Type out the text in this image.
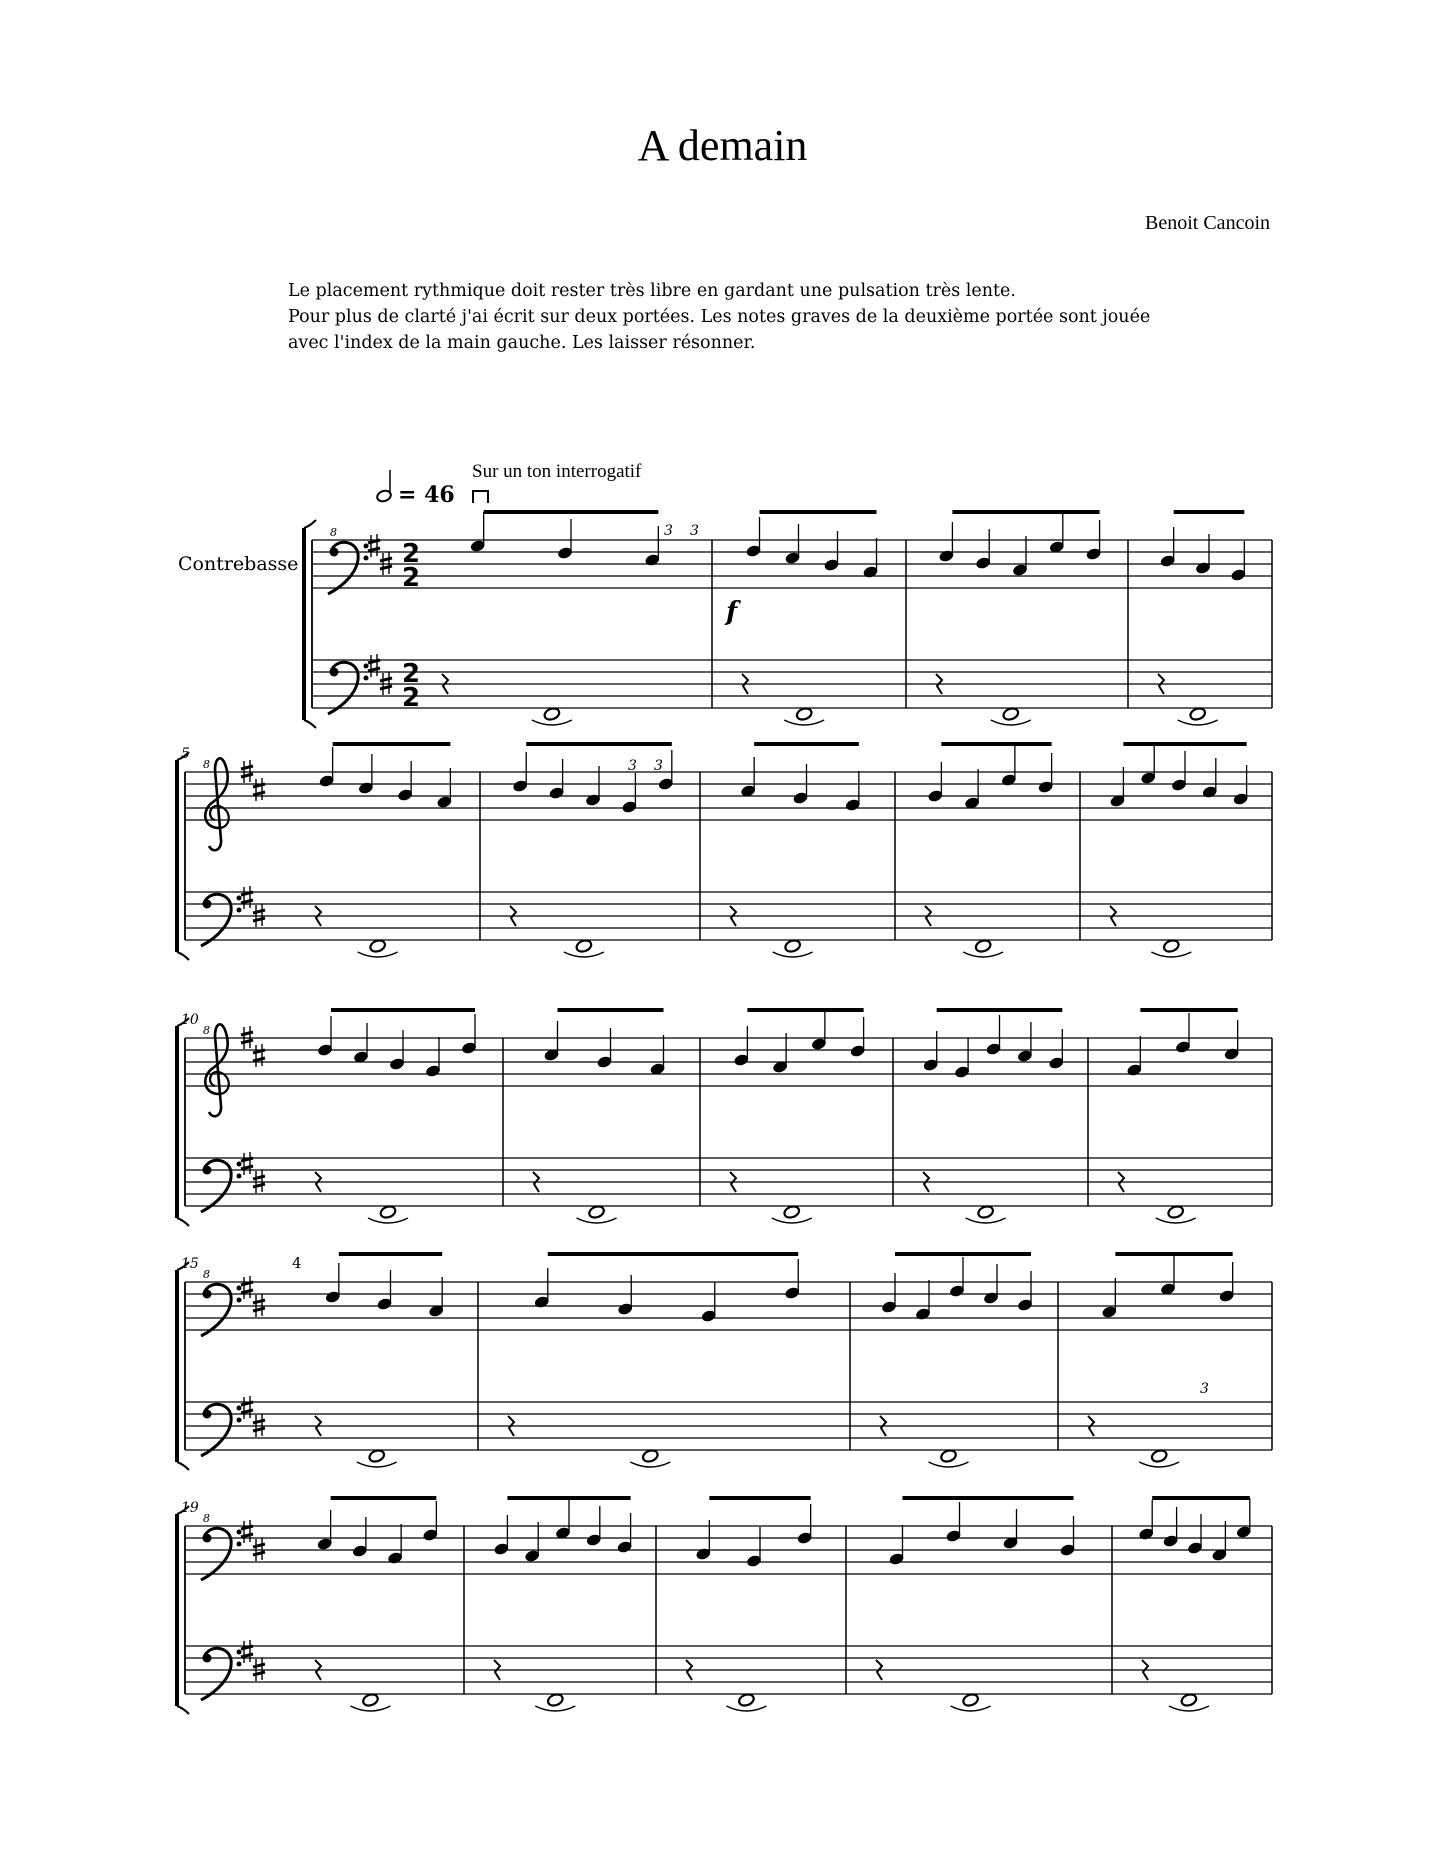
A demain
Benoit Cancoin
Le placement rythmique doit rester très libre en gardant une pulsation très lente.
Pour plus de clarté j'ai écrit sur deux portées. Les notes graves de la deuxième portée sont jouée
avec l'index de la main gauche. Les laisser résonner.
Contrebasse
= 46
Sur un ton interrogatif
8
2
2
2
2
8
5
8
10
8
15
8
19
f
3 3
3 3
3
4
